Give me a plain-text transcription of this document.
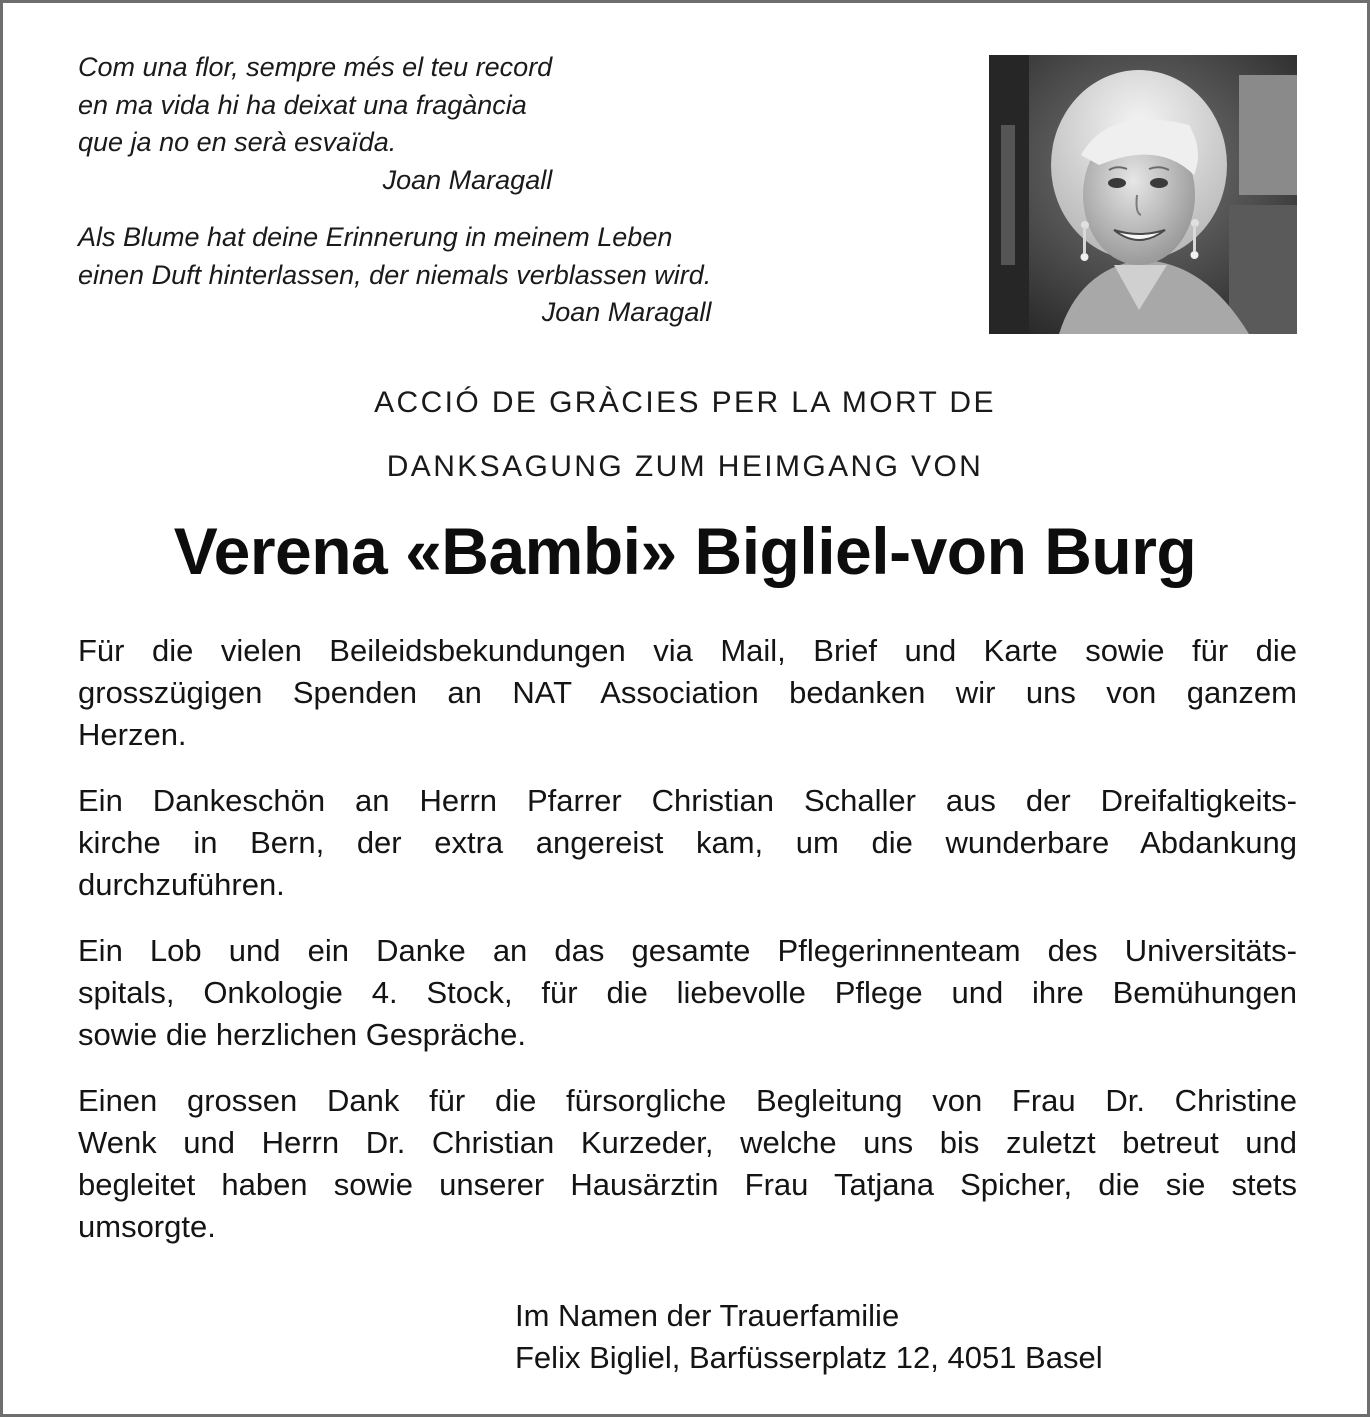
Com una flor, sempre més el teu record
en ma vida hi ha deixat una fragància
que ja no en serà esvaïda.
Joan Maragall

Als Blume hat deine Erinnerung in meinem Leben
einen Duft hinterlassen, der niemals verblassen wird.
Joan Maragall
ACCIÓ DE GRÀCIES PER LA MORT DE
DANKSAGUNG ZUM HEIMGANG VON
Verena «Bambi» Bigliel-von Burg

Für die vielen Beileidsbekundungen via Mail, Brief und Karte sowie für die
grosszügigen Spenden an NAT Association bedanken wir uns von ganzem
Herzen.

Ein Dankeschön an Herrn Pfarrer Christian Schaller aus der Dreifaltigkeits-
kirche in Bern, der extra angereist kam, um die wunderbare Abdankung
durchzuführen.

Ein Lob und ein Danke an das gesamte Pflegerinnenteam des Universitäts-
spitals, Onkologie 4. Stock, für die liebevolle Pflege und ihre Bemühungen
sowie die herzlichen Gespräche.

Einen grossen Dank für die fürsorgliche Begleitung von Frau Dr. Christine
Wenk und Herrn Dr. Christian Kurzeder, welche uns bis zuletzt betreut und
begleitet haben sowie unserer Hausärztin Frau Tatjana Spicher, die sie stets
umsorgte.

Im Namen der Trauerfamilie
Felix Bigliel, Barfüsserplatz 12, 4051 Basel
